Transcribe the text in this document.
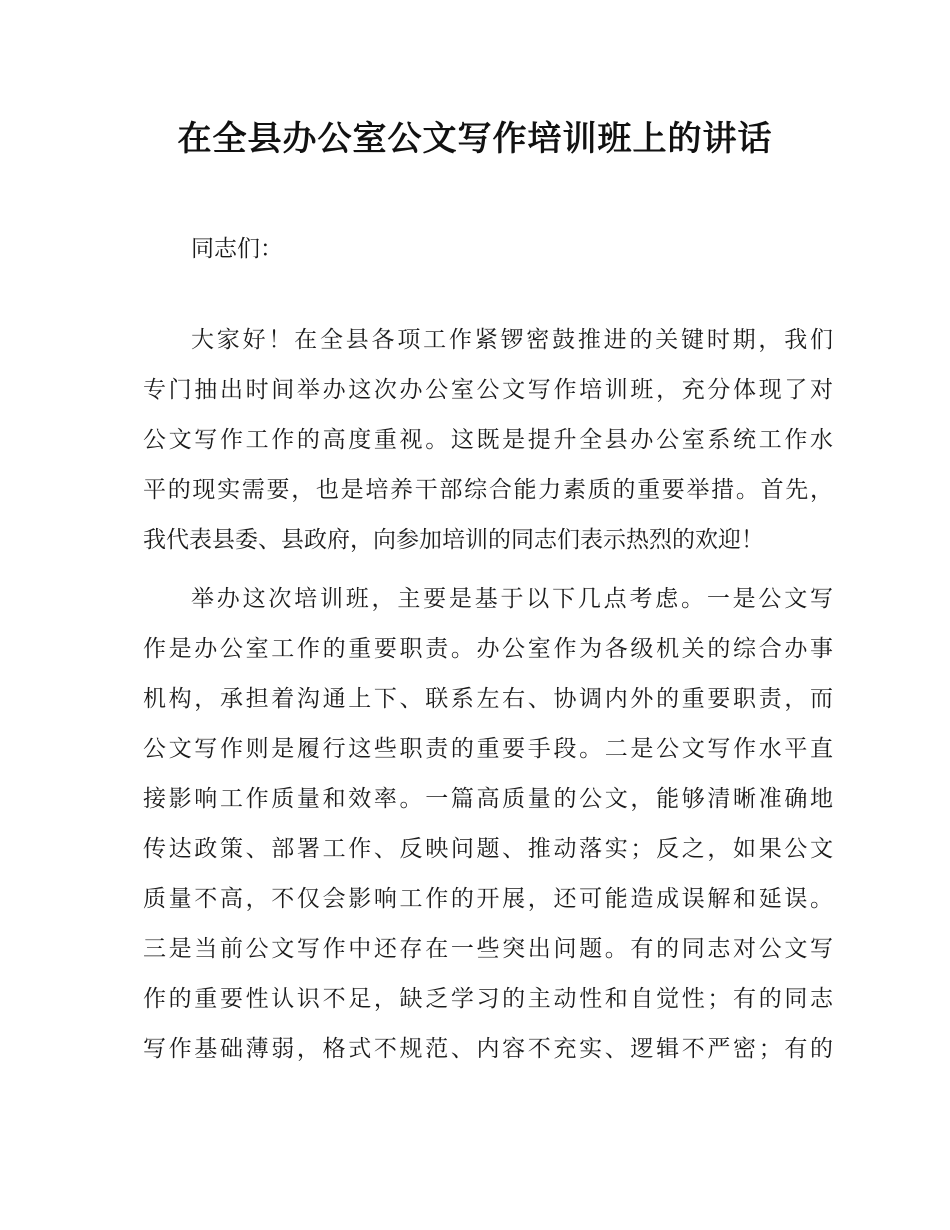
在全县办公室公文写作培训班上的讲话
同志们：
大家好！在全县各项工作紧锣密鼓推进的关键时期，我们
专门抽出时间举办这次办公室公文写作培训班，充分体现了对
公文写作工作的高度重视。这既是提升全县办公室系统工作水
平的现实需要，也是培养干部综合能力素质的重要举措。首先，
我代表县委、县政府，向参加培训的同志们表示热烈的欢迎！
举办这次培训班，主要是基于以下几点考虑。一是公文写
作是办公室工作的重要职责。办公室作为各级机关的综合办事
机构，承担着沟通上下、联系左右、协调内外的重要职责，而
公文写作则是履行这些职责的重要手段。二是公文写作水平直
接影响工作质量和效率。一篇高质量的公文，能够清晰准确地
传达政策、部署工作、反映问题、推动落实；反之，如果公文
质量不高，不仅会影响工作的开展，还可能造成误解和延误。
三是当前公文写作中还存在一些突出问题。有的同志对公文写
作的重要性认识不足，缺乏学习的主动性和自觉性；有的同志
写作基础薄弱，格式不规范、内容不充实、逻辑不严密；有的
